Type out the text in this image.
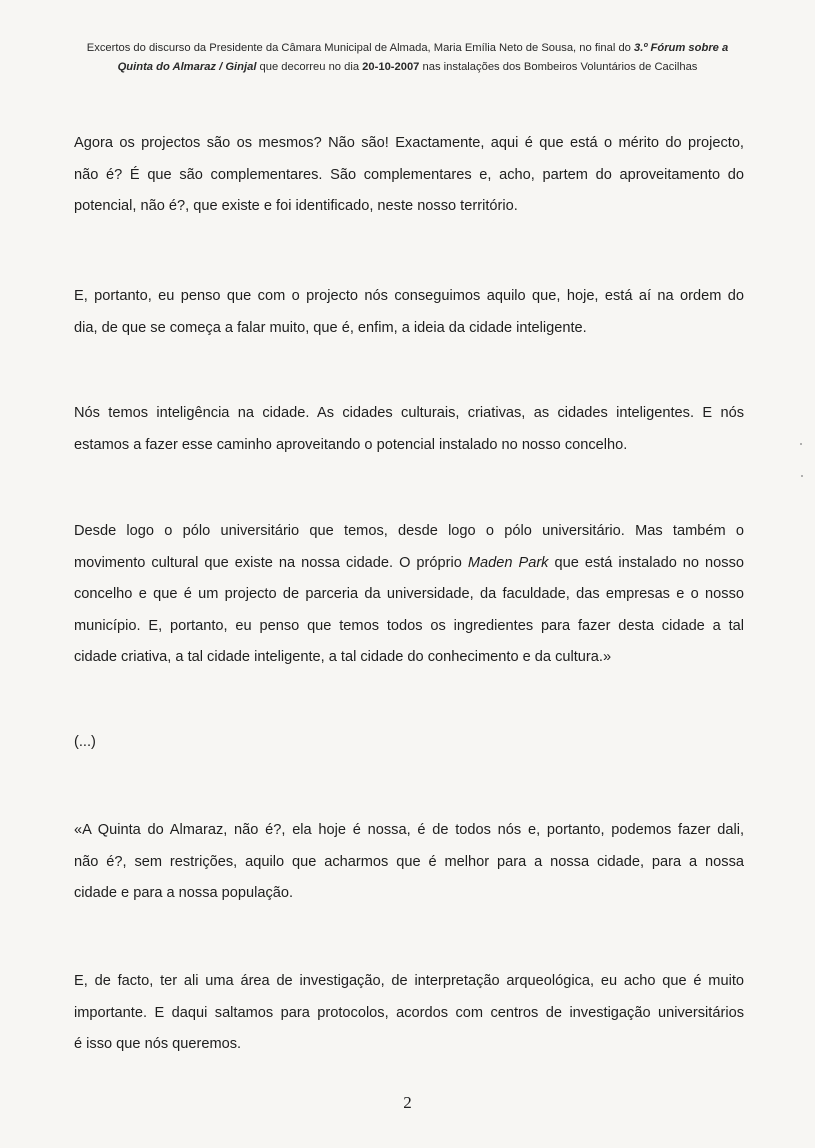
Excertos do discurso da Presidente da Câmara Municipal de Almada, Maria Emília Neto de Sousa, no final do 3.º Fórum sobre a
Quinta do Almaraz / Ginjal que decorreu no dia 20-10-2007 nas instalações dos Bombeiros Voluntários de Cacilhas
Agora os projectos são os mesmos? Não são! Exactamente, aqui é que está o mérito do projecto,
não é? É que são complementares. São complementares e, acho, partem do aproveitamento do
potencial, não é?, que existe e foi identificado, neste nosso território.
E, portanto, eu penso que com o projecto nós conseguimos aquilo que, hoje, está aí na ordem do
dia, de que se começa a falar muito, que é, enfim, a ideia da cidade inteligente.
Nós temos inteligência na cidade. As cidades culturais, criativas, as cidades inteligentes. E nós
estamos a fazer esse caminho aproveitando o potencial instalado no nosso concelho.
Desde logo o pólo universitário que temos, desde logo o pólo universitário. Mas também o
movimento cultural que existe na nossa cidade. O próprio Maden Park que está instalado no nosso
concelho e que é um projecto de parceria da universidade, da faculdade, das empresas e o nosso
município. E, portanto, eu penso que temos todos os ingredientes para fazer desta cidade a tal
cidade criativa, a tal cidade inteligente, a tal cidade do conhecimento e da cultura.»
(...)
«A Quinta do Almaraz, não é?, ela hoje é nossa, é de todos nós e, portanto, podemos fazer dali,
não é?, sem restrições, aquilo que acharmos que é melhor para a nossa cidade, para a nossa
cidade e para a nossa população.
E, de facto, ter ali uma área de investigação, de interpretação arqueológica, eu acho que é muito
importante. E daqui saltamos para protocolos, acordos com centros de investigação universitários
é isso que nós queremos.
2
